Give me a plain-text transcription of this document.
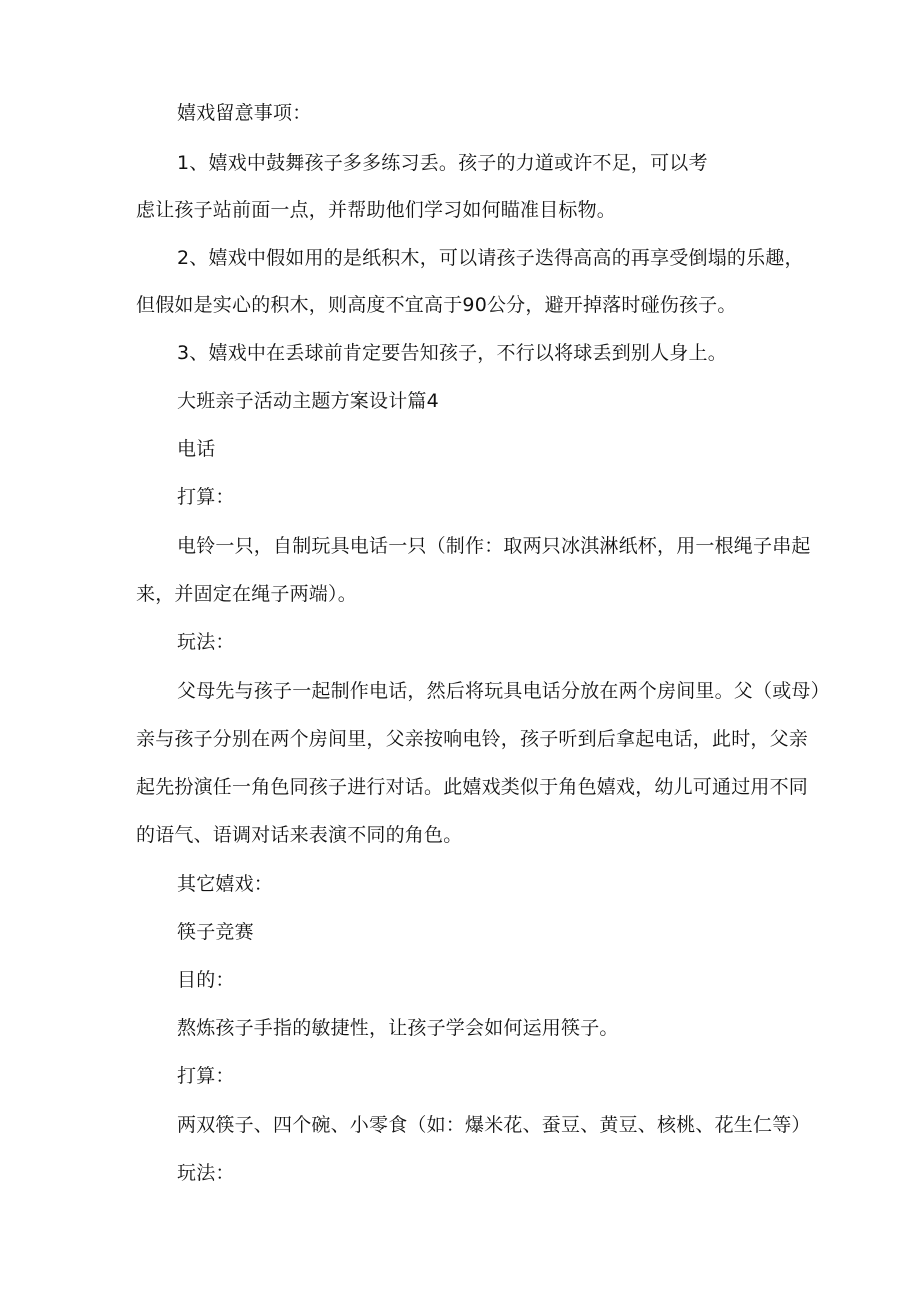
嬉戏留意事项：
1、嬉戏中鼓舞孩子多多练习丢。孩子的力道或许不足，可以考
虑让孩子站前面一点，并帮助他们学习如何瞄准目标物。
2、嬉戏中假如用的是纸积木，可以请孩子迭得高高的再享受倒塌的乐趣，
但假如是实心的积木，则高度不宜高于90公分，避开掉落时碰伤孩子。
3、嬉戏中在丢球前肯定要告知孩子，不行以将球丢到别人身上。
大班亲子活动主题方案设计篇4
电话
打算：
电铃一只，自制玩具电话一只（制作：取两只冰淇淋纸杯，用一根绳子串起
来，并固定在绳子两端）。
玩法：
父母先与孩子一起制作电话，然后将玩具电话分放在两个房间里。父（或母）
亲与孩子分别在两个房间里，父亲按响电铃，孩子听到后拿起电话，此时，父亲
起先扮演任一角色同孩子进行对话。此嬉戏类似于角色嬉戏，幼儿可通过用不同
的语气、语调对话来表演不同的角色。
其它嬉戏：
筷子竞赛
目的：
熬炼孩子手指的敏捷性，让孩子学会如何运用筷子。
打算：
两双筷子、四个碗、小零食（如：爆米花、蚕豆、黄豆、核桃、花生仁等）
玩法：
